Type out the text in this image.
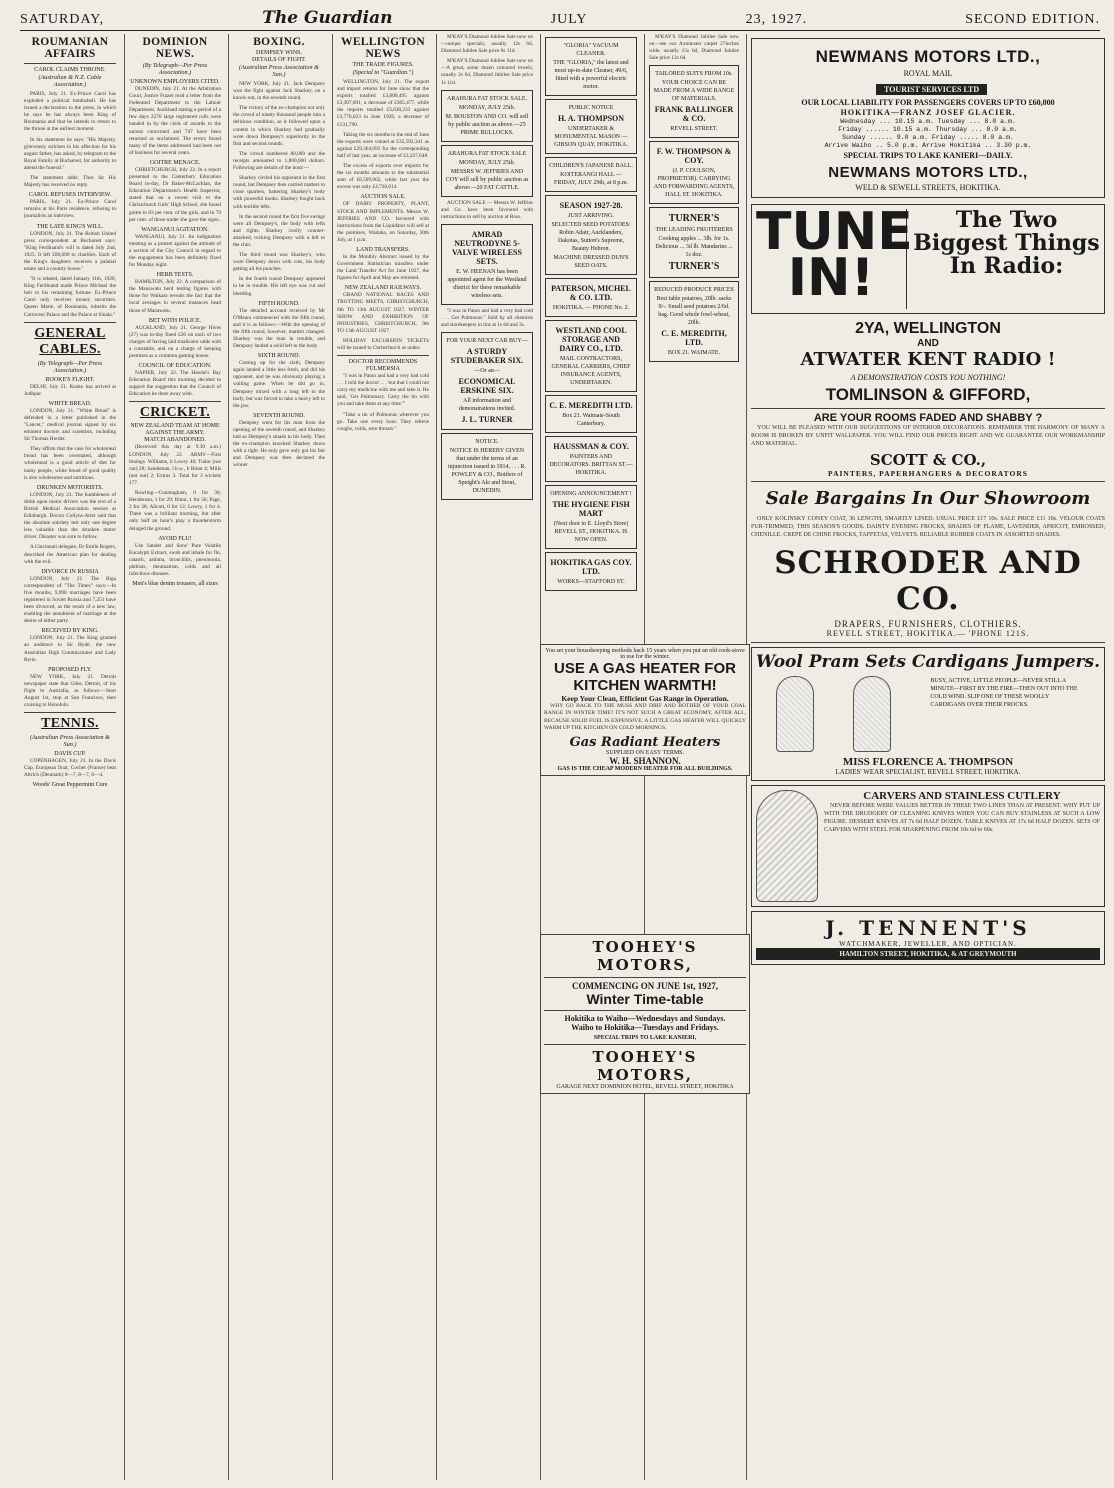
SATURDAY,	The Guardian	JULY	23, 1927.	SECOND EDITION.
ROUMANIAN AFFAIRS
CAROL CLAIMS THRONE.
(Australian & N.Z. Cable Association.)

PARIS, July 21. Ex-Prince Carol has exploded a political bombshell. He has issued a declaration to the press, in which he says he has always been King of Roumania and that he intends to return to the throne at the earliest moment.

In his statement he says: "His Majesty, grievously stricken in his affection for his august father, has asked, by telegram to the Royal Family at Bucharest, for authority to attend the funeral."

The statement adds: Thus far His Majesty has received no reply.

CAROL REFUSES INTERVIEW.

PARIS, July 21. Ex-Prince Carol remains at his Paris residence, refusing to journalists an interview.

THE LATE KING'S WILL.

LONDON, July 21. The British United press correspondent at Bucharest says: "King Ferdinand's will is dated July 2nd, 1925. It left £80,000 to charities. Each of the King's daughters receives a palatial estate and a country house."

"It is related, dated January 11th, 1926, King Ferdinand made Prince Michael the heir to his remaining fortune. Ex-Prince Carol only receives money securities. Queen Marie, of Roumania, inherits the Cotroceni Palace and the Palace at Sinaia."

GENERAL CABLES.
(By Telegraph—Per Press Association.)
ROOKE'S FLIGHT.

DELHI, July 21. Rooke has arrived at Jodhpur.

WHITE BREAD.

LONDON, July 21. "White Bread" is defended in a letter published in the "Lancet," medical journal signed by six eminent doctors and scientists, including Sir Thomas Horder.

They affirm that the case for wholemeal bread has been overstated, although wholemeal is a good article of diet for many people, white bread of good quality is also wholesome and nutritious.

DRUNKEN MOTORISTS.

LONDON, July 21. The humbleness of drink upon motor drivers was the text of a British Medical Association session at Edinburgh. Doctor Collyns-Arter said that the absolute sobriety test only one degree less valuable than the drunken motor driver. Disaster was sure to follow.

A Cincinnati delegate, Dr Emile Rogers, described the American plan for dealing with the evil.

DIVORCE IN RUSSIA

LONDON, July 21. The Riga correspondent of "The Times" says:—In five months, 9,090 marriages have been registered in Soviet Russia and 7,251 have been divorced, as the result of a new law, enabling the annulment of marriage at the desire of either party.

RECEIVED BY KING.

LONDON, July 21. The King granted an audience to Sir Hyde, the new Australian High Commissioner and Lady Ryrie.

PROPOSED FLY.

NEW YORK, July 21. Detroit newspaper state that Giles, Detroit, of his flight to Australia, as follows:—Start August 1st, stop at San Francisco, then cruising to Honolulu.

TENNIS.
(Australian Press Association & Sun.)
DAVIS CUP.

COPENHAGEN, July 21. In the Davis Cup, European final, Cochet (France) beat Altrich (Denmark) 8—7, 8—7, 6—4.

Woods' Great Peppermint Cure
DOMINION NEWS.
(By Telegraph—Per Press Association.)
UNKNOWN EMPLOYERS CITED.

DUNEDIN, July 21. At the Arbitration Court, Justice Frazer read a letter from the Federated Department to the Labour Department. Auckland stating a period of a few days 2270 large registered rolls were handed in by the clerk of awards to the unions concerned and 747 have been returned as unclaimed. The errors found many of the items addressed had been out of business for several years.

GOITRE MENACE.

CHRISTCHURCH, July 22. In a report presented to the Canterbury Education Board to-day, Dr Baker-McLachlan, the Education Department's Health Inspector, stated that on a recent visit to the Christchurch Girls' High School, she found goitre in 83 per cent. of the girls, and in 79 per cent. of those under she gave the signs.

WANGANUI AGITATION.

WANGANUI, July 21. An indignation meeting as a protest against the attitude of a section of the City Council in regard to the engagement has been definitely fixed for Monday night.

HERB TESTS.

HAMILTON, July 22. A comparison of the Manawatu herd testing figures with those for Waikato reveals the fact that the local averages in several instances head those of Manawatu.

BET WITH POLICE.

AUCKLAND, July 21. George Hives (27) was to-day fined £20 on each of two charges of having laid totalisator odds with a constable, and on a charge of keeping premises as a common gaming house.

COUNCIL OF EDUCATION.

NAPIER, July 22. The Hawke's Bay Education Board this morning decided to support the suggestion that the Council of Education be done away with.

CRICKET.
NEW ZEALAND TEAM AT HOME
AGAINST THE ARMY.
MATCH ABANDONED.

(Received this day at 9.30 a.m.) LONDON, July 22. ARMY—First Innings. Williams, b Lowry 40; Tudor (not out) 28; Sandeman, l.b.w., b Blunt 4; Mills (not out) 2; Extras 3. Total for 3 wickets 177.

Bowling—Cunningham, 0 for 30; Henderson, 1 for 29; Blunt, 1 for 56; Page, 2 for 38; Allcott, 0 for 12; Lowry, 1 for 4. There was a brilliant morning, but after only half an hour's play a thunderstorm deluged the ground.

AVOID FLU!

Use Sander and Sons' Pure Volatile Eucalypti Extract, swab and inhale for flu, catarrh, asthma, bronchitis, pneumonia, phthisis, rheumatism, colds and all infectious diseases.

Men's blue denim trousers, all sizes
BOXING.
DEMPSEY WINS.
DETAILS OF FIGHT.
(Australian Press Association & Sun.)

NEW YORK, July 21. Jack Dempsey won the fight against Jack Sharkey, on a knock-out, in the seventh round.

The victory of the ex-champion not only the crowd of ninety thousand people into a delirious condition, as it followed upon a contest in which Sharkey had gradually wore down Dempsey's superiority in the first and second rounds.

The crowd numbered 80,000 and the receipts amounted to 1,800,000 dollars. Following are details of the bout:—

Sharkey circled his opponent in the first round, but Dempsey then carried matters to close quarters, battering Sharkey's body with powerful hooks. Sharkey fought back with terrible lefts.

In the second round the first five swings were all Dempsey's, the body with lefts and rights. Sharkey coolly counter-attacked, rocking Dempsey with a left to the chin.

The third round was Sharkey's, who wore Dempsey down with cuts, his body getting all his punches.

In the fourth round Dempsey appeared to be in trouble. His left eye was cut and bleeding.

FIFTH ROUND.

The detailed account received by Mr O'Meara commenced with the fifth round, and it is as follows:—With the opening of the fifth round, however, matters changed. Sharkey was the man in trouble, and Dempsey landed a solid left to the body.

SIXTH ROUND.

Coming up for the sixth, Dempsey again landed a little less fresh, and did his opponent, and he was obviously playing a waiting game. When he did go in, Dempsey mixed with a long left to the body, but was forced to take a heavy left to the jaw.

SEVENTH ROUND.

Dempsey went for his man from the opening of the seventh round, and Sharkey had as Dempsey's smash to his body. Then the ex-champion knocked Sharkey down with a right. He only gave only got his fair and Dempsey was then declared the winner.

WELLINGTON NEWS
THE TRADE FIGURES.
(Special to "Guardian.")

WELLINGTON, July 21. The export and import returns for June show that the exports totalled £3,600,495 against £3,307,891, a decrease of £305,477, while the imports totalled £3,638,233 against £3,770,023 in June 1926, a decrease of £131,790.

Taking the six months to the end of June the exports were valued at £32,592,341 as against £29,364,693 for the corresponding half of last year, an increase of £3,227,648.

The excess of exports over imports for the six months amounts to the substantial sum of £8,509,962, while last year the excess was only £4,726,014.

AUCTION SALE.

OF DAIRY PROPERTY, PLANT, STOCK AND IMPLEMENTS. Messrs W. JEFFRIES AND CO. favoured with instructions from the Liquidator will sell at the premises, Waitaha, on Saturday, 30th July, at 1 p.m.

LAND TRANSFERS.

In the Monthly Abstract issued by the Government Statistician transfers under the Land Transfer Act for June 1927, the figures for April and May are returned.

NEW ZEALAND RAILWAYS.

GRAND NATIONAL RACES AND TROTTING MEETS, CHRISTCHURCH, 6th TO 13th AUGUST 1927. WINTER SHOW AND EXHIBITION OF INDUSTRIES, CHRISTCHURCH, 9th TO 13th AUGUST 1927.

HOLIDAY EXCURSION TICKETS will be issued to Christchurch as under.

DOCTOR RECOMMENDS
FULMERSIA

"I was in Paton and had a very bad cold . . . I told the doctor . . . but that I could not carry my medicine with me and take it. He said, 'Get Pulmonary. Carry the tin with you and take them at any time.'"

"Take a tin of Pulmonas wherever you go. Take one every hour. They relieve coughs, colds, sore throats."

M'KAY'S Diamond Jubilee Sale now on—unique specials; usually 12s 6d, Diamond Jubilee Sale price 6s 11d.

M'KAY'S Diamond Jubilee Sale now on—A great, some dozen coloured towels, usually 2s 6d, Diamond Jubilee Sale price 1s 11d.

ARAHURA FAT STOCK SALE.
MONDAY, JULY 25th.
M. BOUSTON AND CO. will sell by public auction as above.—25 PRIME BULLOCKS.
ARAHURA FAT STOCK SALE
MONDAY, JULY 25th.
MESSRS W. JEFFRIES AND COY will sell by public auction as above:—20 FAT CATTLE.

AUCTION SALE — Messrs W. Jeffries and Co. have been favoured with instructions to sell by auction at Ross.

AMRAD NEUTRODYNE 5-VALVE WIRELESS SETS.
E. W. HEENAN has been appointed agent for the Westland district for these remarkable wireless sets.

"I was in Paton and had a very bad cold . . . Get Pulmonas." Sold by all chemists and storekeepers in tins at 1s 6d and 3s.

FOR YOUR NEXT CAR BUY—
A STURDY STUDEBAKER SIX.
—Or an—
ECONOMICAL ERSKINE SIX.
All information and demonstrations invited.
J. L. TURNER
NOTICE.
NOTICE IS HEREBY GIVEN that under the terms of an injunction issued in 1914, . . . R. POWLEY & CO., Bottlers of Speight's Ale and Stout, DUNEDIN.
"GLORIA" VACUUM CLEANER.
THE "GLORIA," the latest and most up-to-date Cleaner, 49/6, fitted with a powerful electric motor.
PUBLIC NOTICE
H. A. THOMPSON
UNDERTAKER & MONUMENTAL MASON — GIBSON QUAY, HOKITIKA.
CHILDREN'S JAPANESE BALL.
KOITERANGI HALL — FRIDAY, JULY 29th, at 8 p.m.
SEASON 1927-28.
JUST ARRIVING.
SELECTED SEED POTATOES: Robin Adair, Aucklanders, Dakotas, Sutton's Supreme, Beauty Hebron.
MACHINE DRESSED DUN'S SEED OATS.
PATERSON, MICHEL & CO. LTD.
HOKITIKA. — PHONE No. 2.
WESTLAND COOL STORAGE AND DAIRY CO., LTD.
MAIL CONTRACTORS, GENERAL CARRIERS, CHIEF INSURANCE AGENTS, UNDERTAKEN.
C. E. MEREDITH LTD.
Box 21. Waimate-South Canterbury.
HAUSSMAN & COY.
PAINTERS AND DECORATORS. BRITTAN ST.—HOKITIKA.
OPENING ANNOUNCEMENT !
THE HYGIENE FISH MART
(Next door to E. Lloyd's Store) REVELL ST., HOKITIKA. IS NOW OPEN.
HOKITIKA GAS COY. LTD.
WORKS—STAFFORD ST.

M'KAY'S Diamond Jubilee Sale now on—see our Axminster carpet 27inches wide, usually 15s 6d, Diamond Jubilee Sale price 12s 6d.

TAILORED SUITS FROM 10s.
YOUR CHOICE CAN BE MADE FROM A WIDE RANGE OF MATERIALS.
FRANK BALLINGER & CO.
REVELL STREET.
F. W. THOMPSON & COY.
(J. P. COULSON, PROPRIETOR). CARRYING AND FORWARDING AGENTS, HALL ST. HOKITIKA.
TURNER'S
THE LEADING FRUITERERS
Cooking apples ... 3lb. for 1s. Delicious ... 3d lb. Mandarins ... 1s doz.
TURNER'S
REDUCED PRODUCE PRICES
Best table potatoes, 20lb. sacks 9/-. Small seed potatoes 2/6d. bag. Good whole fowl-wheat, 20lb.
C. E. MEREDITH, LTD.
BOX 21. WAIMATE.
NEWMANS MOTORS LTD.,
ROYAL MAIL
TOURIST SERVICES LTD
OUR LOCAL LIABILITY FOR PASSENGERS COVERS UP TO £60,000
HOKITIKA—FRANZ JOSEF GLACIER.
Wednesday ... 10.15 a.m. Tuesday ... 8.0 a.m.
Friday ...... 10.15 a.m. Thursday ... 8.0 a.m.
Sunday ...... 9.0 a.m. Friday ..... 8.0 a.m.
Arrive Waiho .. 5.0 p.m. Arrive Hokitika .. 3.30 p.m.
SPECIAL TRIPS TO LAKE KANIERI—DAILY.
NEWMANS MOTORS LTD.,
WELD & SEWELL STREETS, HOKITIKA.
TUNE IN!
The Two Biggest Things In Radio:
2YA, WELLINGTON
AND
ATWATER KENT RADIO !
A DEMONSTRATION COSTS YOU NOTHING!
TOMLINSON & GIFFORD,
ARE YOUR ROOMS FADED AND SHABBY ?

YOU WILL BE PLEASED WITH OUR SUGGESTIONS OF INTERIOR DECORATIONS. REMEMBER THE HARMONY OF MANY A ROOM IS BROKEN BY UNFIT WALLPAPER. YOU WILL FIND OUR PRICES RIGHT AND WE GUARANTEE OUR WORKMANSHIP AND MATERIAL.

SCOTT & CO.,
PAINTERS, PAPERHANGERS & DECORATORS
Sale Bargains In Our Showroom

ONLY KOLINSKY CONEY COAT, 36 LENGTH, SMARTLY LINED. USUAL PRICE £17 10s. SALE PRICE £11 10s. VELOUR COATS FUR-TRIMMED, THIS SEASON'S GOODS. DAINTY EVENING FROCKS, SHADES OF FLAME, LAVENDER, APRICOT, EMBOSSED, CHENILLE. CREPE DE CHINE FROCKS, TAFFETAS, VELVETS. RELIABLE RUBBER COATS IN ASSORTED SHADES.

SCHRODER AND CO.
DRAPERS, FURNISHERS, CLOTHIERS.
REVELL STREET, HOKITIKA.— 'PHONE 121S.
Wool Pram Sets Cardigans Jumpers.
BUSY, ACTIVE, LITTLE PEOPLE—NEVER STILL A MINUTE—FIRST BY THE FIRE—THEN OUT INTO THE COLD WIND. SLIP ONE OF THESE WOOLLY CARDIGANS OVER THEIR FROCKS.
MISS FLORENCE A. THOMPSON
LADIES' WEAR SPECIALIST, REVELL STREET, HOKITIKA.
CARVERS AND STAINLESS CUTLERY

NEVER BEFORE WERE VALUES BETTER IN THESE TWO LINES THAN AT PRESENT. WHY PUT UP WITH THE DRUDGERY OF CLEANING KNIVES WHEN YOU CAN BUY STAINLESS AT SUCH A LOW FIGURE. DESSERT KNIVES AT 7s 6d HALF DOZEN. TABLE KNIVES AT 17s 6d HALF DOZEN. SETS OF CARVERS WITH STEEL FOR SHARPENING FROM 10s 6d to 60s.

J. TENNENT'S
WATCHMAKER, JEWELLER, AND OPTICIAN.
HAMILTON STREET, HOKITIKA, & AT GREYMOUTH
You set your housekeeping methods back 15 years when you put an old cook-stove in use for the winter.
USE A GAS HEATER FOR KITCHEN WARMTH!
Keep Your Clean, Efficient Gas Range in Operation.

WHY GO BACK TO THE MUSS AND DIRT AND BOTHER OF YOUR COAL RANGE IN WINTER TIME? IT'S NOT SUCH A GREAT ECONOMY, AFTER ALL, BECAUSE SOLID FUEL IS EXPENSIVE. A LITTLE GAS HEATER WILL QUICKLY WARM UP THE KITCHEN ON COLD MORNINGS.

Gas Radiant Heaters
SUPPLIED ON EASY TERMS.
W. H. SHANNON.
GAS IS THE CHEAP MODERN HEATER FOR ALL BUILDINGS.
TOOHEY'S MOTORS,
COMMENCING ON JUNE 1st, 1927,
Winter Time-table
Hokitika to Waiho—Wednesdays and Sundays.
Waiho to Hokitika—Tuesdays and Fridays.
SPECIAL TRIPS TO LAKE KANIERI,
TOOHEY'S MOTORS,
GARAGE NEXT DOMINION HOTEL, REVELL STREET, HOKITIKA
